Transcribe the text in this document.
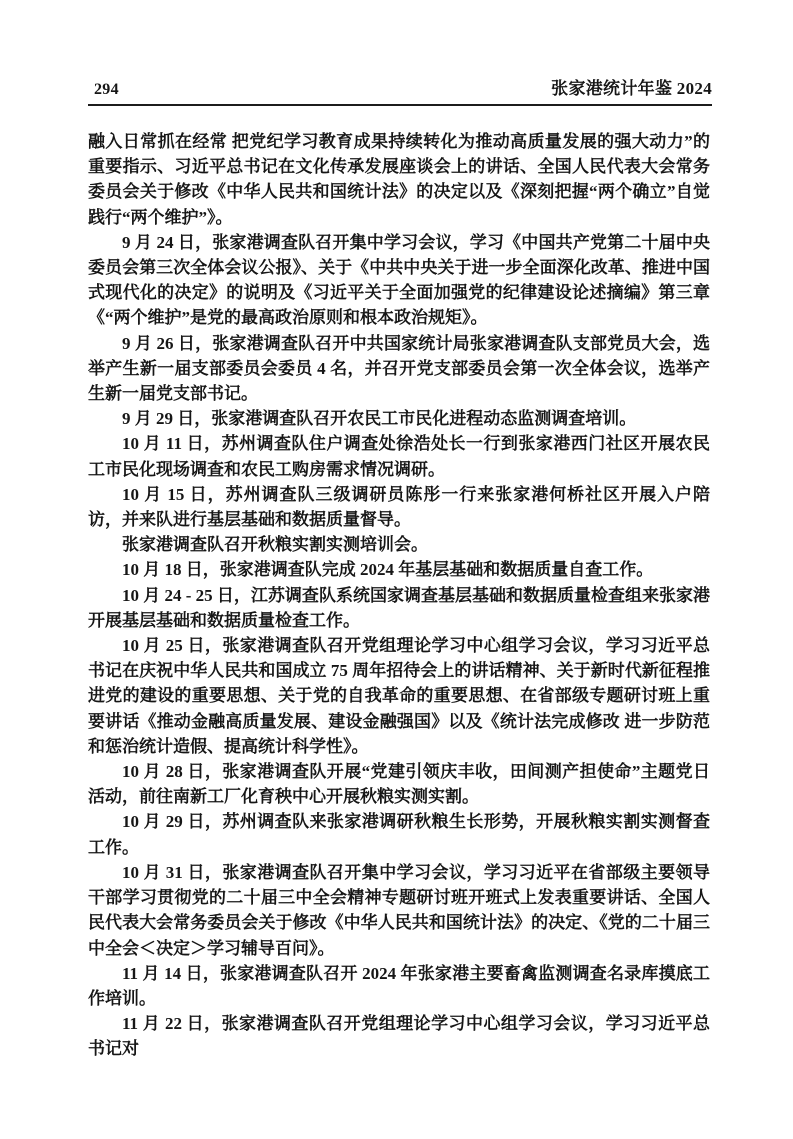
294	张家港统计年鉴 2024

融入日常抓在经常 把党纪学习教育成果持续转化为推动高质量发展的强大动力”的重要指示、习近平总书记在文化传承发展座谈会上的讲话、全国人民代表大会常务委员会关于修改《中华人民共和国统计法》的决定以及《深刻把握“两个确立”自觉践行“两个维护”》。

9 月 24 日，张家港调查队召开集中学习会议，学习《中国共产党第二十届中央委员会第三次全体会议公报》、关于《中共中央关于进一步全面深化改革、推进中国式现代化的决定》的说明及《习近平关于全面加强党的纪律建设论述摘编》第三章《“两个维护”是党的最高政治原则和根本政治规矩》。

9 月 26 日，张家港调查队召开中共国家统计局张家港调查队支部党员大会，选举产生新一届支部委员会委员 4 名，并召开党支部委员会第一次全体会议，选举产生新一届党支部书记。

9 月 29 日，张家港调查队召开农民工市民化进程动态监测调查培训。

10 月 11 日，苏州调查队住户调查处徐浩处长一行到张家港西门社区开展农民工市民化现场调查和农民工购房需求情况调研。

10 月 15 日，苏州调查队三级调研员陈彤一行来张家港何桥社区开展入户陪访，并来队进行基层基础和数据质量督导。

张家港调查队召开秋粮实割实测培训会。

10 月 18 日，张家港调查队完成 2024 年基层基础和数据质量自查工作。

10 月 24 - 25 日，江苏调查队系统国家调查基层基础和数据质量检查组来张家港开展基层基础和数据质量检查工作。

10 月 25 日，张家港调查队召开党组理论学习中心组学习会议，学习习近平总书记在庆祝中华人民共和国成立 75 周年招待会上的讲话精神、关于新时代新征程推进党的建设的重要思想、关于党的自我革命的重要思想、在省部级专题研讨班上重要讲话《推动金融高质量发展、建设金融强国》以及《统计法完成修改 进一步防范和惩治统计造假、提高统计科学性》。

10 月 28 日，张家港调查队开展“党建引领庆丰收，田间测产担使命”主题党日活动，前往南新工厂化育秧中心开展秋粮实测实割。

10 月 29 日，苏州调查队来张家港调研秋粮生长形势，开展秋粮实割实测督查工作。

10 月 31 日，张家港调查队召开集中学习会议，学习习近平在省部级主要领导干部学习贯彻党的二十届三中全会精神专题研讨班开班式上发表重要讲话、全国人民代表大会常务委员会关于修改《中华人民共和国统计法》的决定、《党的二十届三中全会＜决定＞学习辅导百问》。

11 月 14 日，张家港调查队召开 2024 年张家港主要畜禽监测调查名录库摸底工作培训。

11 月 22 日，张家港调查队召开党组理论学习中心组学习会议，学习习近平总书记对
